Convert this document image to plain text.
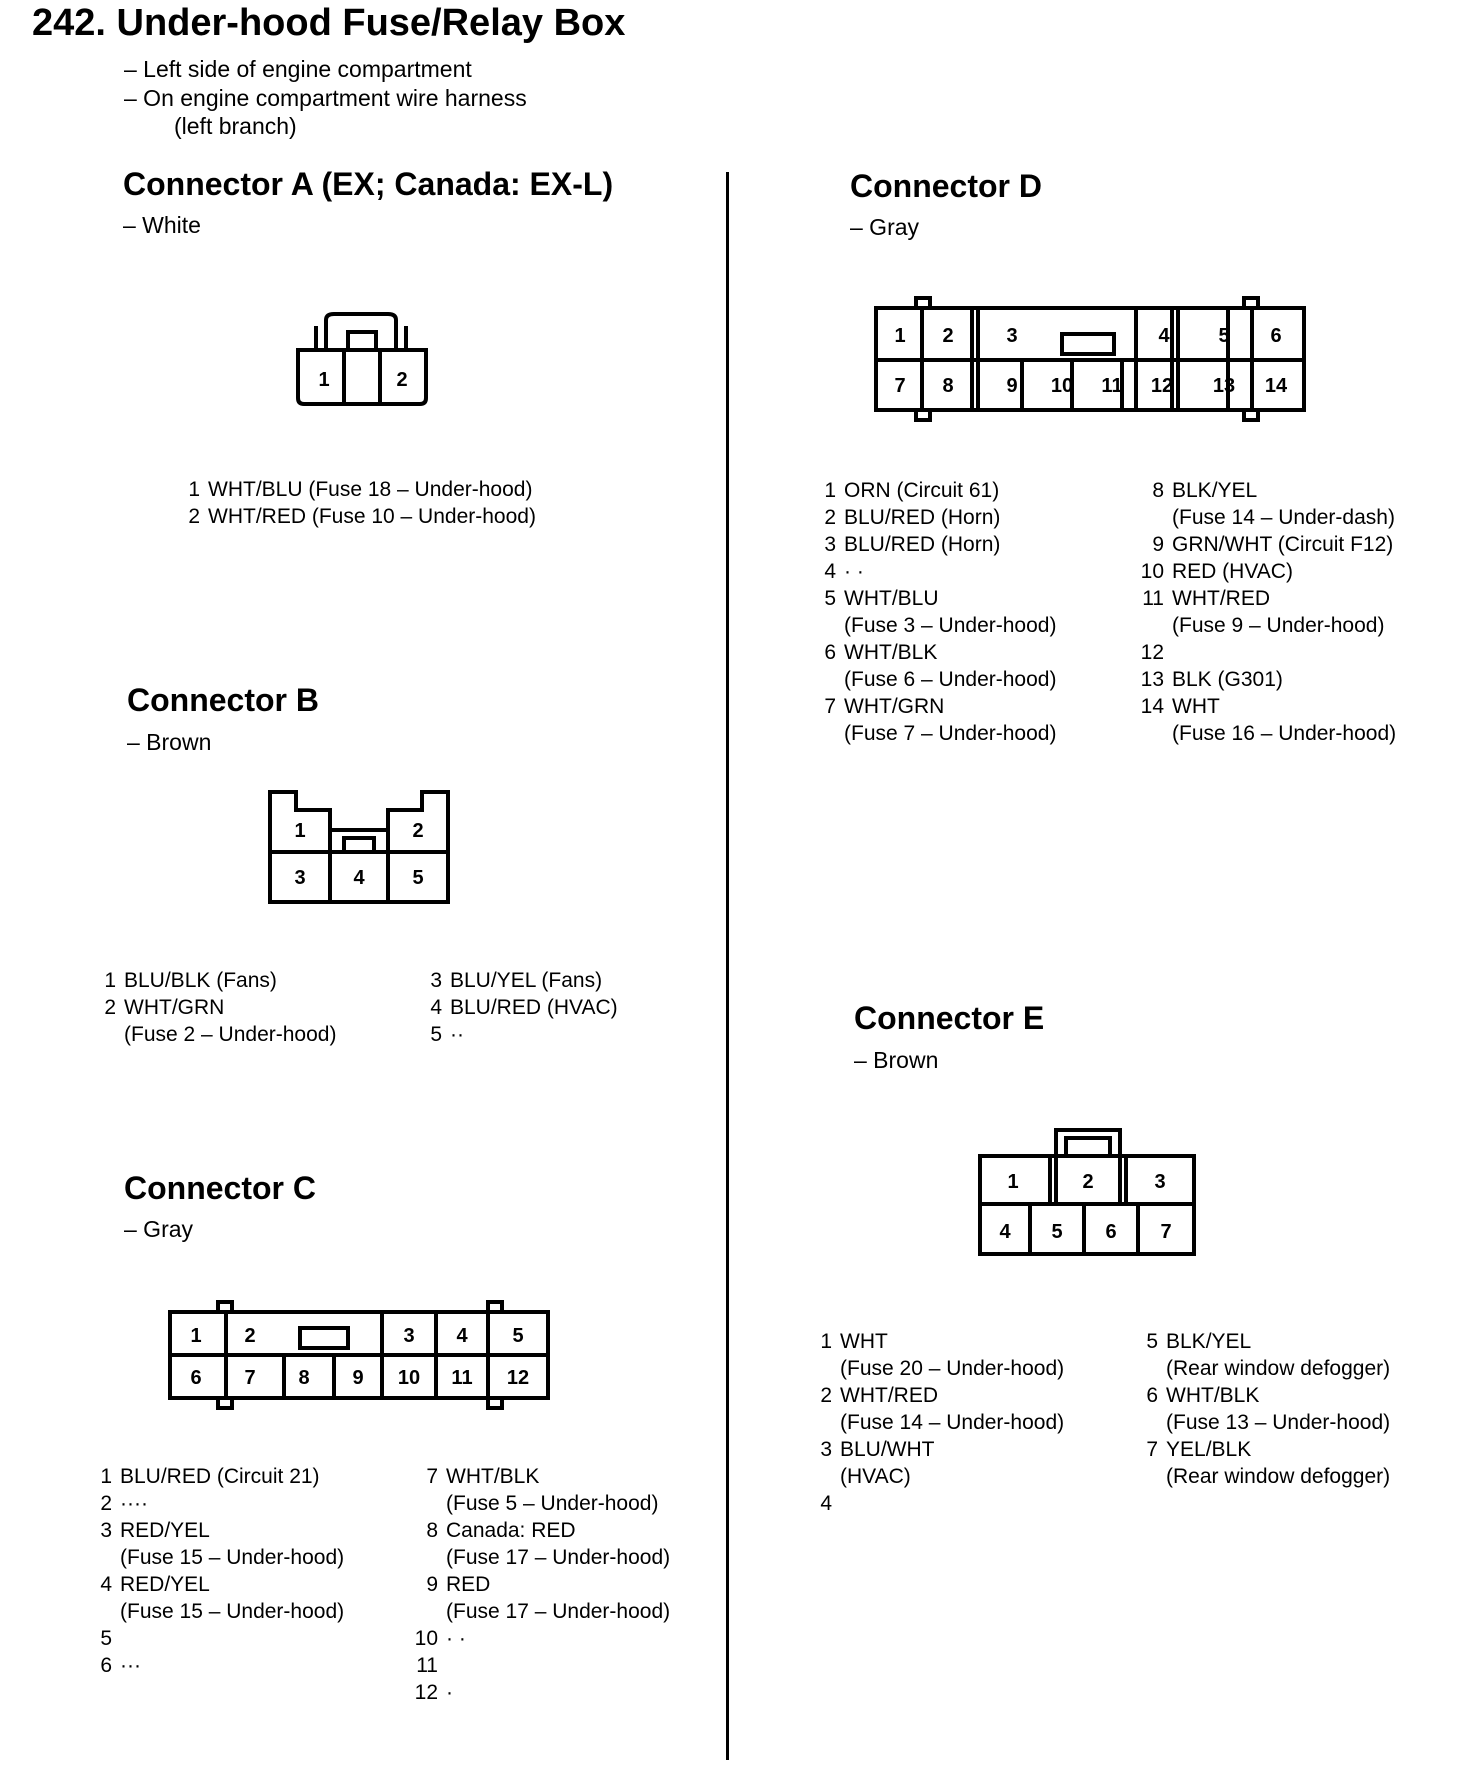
242. Under-hood Fuse/Relay Box
– Left side of engine compartment
– On engine compartment wire harness
(left branch)
Connector A (EX; Canada: EX-L)
– White
1	2
1 WHT/BLU (Fuse 18 – Under-hood)
2 WHT/RED (Fuse 10 – Under-hood)
Connector B
– Brown
1	2
3 4 5
1 BLU/BLK (Fans)
2 WHT/GRN
(Fuse 2 – Under-hood)
3 BLU/YEL (Fans)
4 BLU/RED (HVAC)
5 ··
Connector C
– Gray
1 2	3 4 5
6 7 8 9 10 11 12
1 BLU/RED (Circuit 21)
2 ····
3 RED/YEL
(Fuse 15 – Under-hood)
4 RED/YEL
(Fuse 15 – Under-hood)
5
6 ···
7 WHT/BLK
(Fuse 5 – Under-hood)
8 Canada: RED
(Fuse 17 – Under-hood)
9 RED
(Fuse 17 – Under-hood)
10 · ·
11
12 ·
Connector D
– Gray
1 2	3	4 5 6
7 8	9 10 11 12 13 14
1 ORN (Circuit 61)
2 BLU/RED (Horn)
3 BLU/RED (Horn)
4 · ·
5 WHT/BLU
(Fuse 3 – Under-hood)
6 WHT/BLK
(Fuse 6 – Under-hood)
7 WHT/GRN
(Fuse 7 – Under-hood)
8 BLK/YEL
(Fuse 14 – Under-dash)
9 GRN/WHT (Circuit F12)
10 RED (HVAC)
11 WHT/RED
(Fuse 9 – Under-hood)
12
13 BLK (G301)
14 WHT
(Fuse 16 – Under-hood)
Connector E
– Brown
1	2	3
4 5 6 7
1 WHT
(Fuse 20 – Under-hood)
2 WHT/RED
(Fuse 14 – Under-hood)
3 BLU/WHT
(HVAC)
4
5 BLK/YEL
(Rear window defogger)
6 WHT/BLK
(Fuse 13 – Under-hood)
7 YEL/BLK
(Rear window defogger)
